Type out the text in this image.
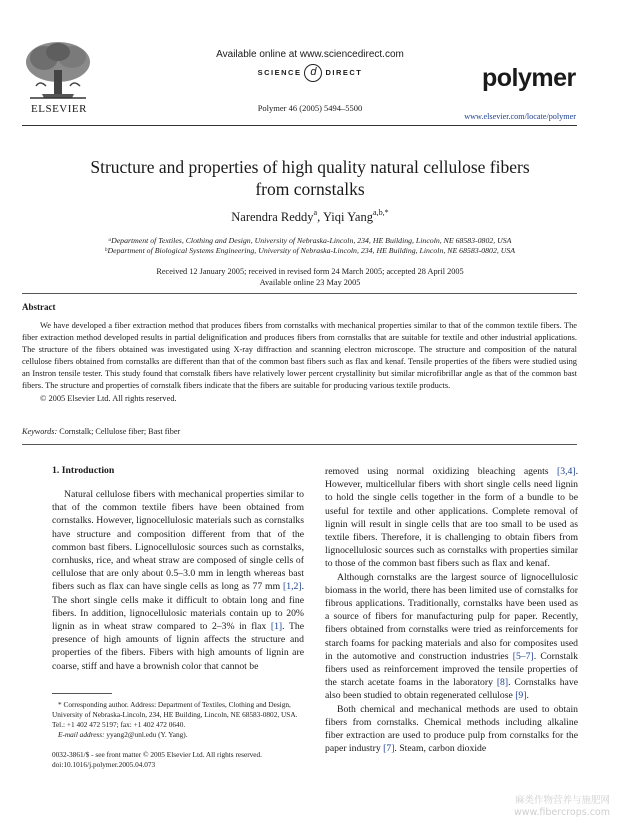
ELSEVIER
Available online at www.sciencedirect.com
SCIENCE d DIRECT
Polymer 46 (2005) 5494–5500
polymer
www.elsevier.com/locate/polymer
Structure and properties of high quality natural cellulose fibers
from cornstalks
Narendra Reddy$^a$, Yiqi Yang$^{a,b,*}$
$^a$Department of Textiles, Clothing and Design, University of Nebraska-Lincoln, 234, HE Building, Lincoln, NE 68583-0802, USA
$^b$Department of Biological Systems Engineering, University of Nebraska-Lincoln, 234, HE Building, Lincoln, NE 68583-0802, USA
Received 12 January 2005; received in revised form 24 March 2005; accepted 28 April 2005
Available online 23 May 2005
Abstract

We have developed a fiber extraction method that produces fibers from cornstalks with mechanical properties similar to that of the common textile fibers. The fiber extraction method developed results in partial delignification and produces fibers from cornstalks that are suitable for textile and other industrial applications. The structure of the fibers obtained was investigated using X-ray diffraction and scanning electron microscope. The structure and composition of the natural cellulose fibers obtained from cornstalks are different than that of the common bast fibers such as flax and kenaf. Tensile properties of the fibers were studied using an Instron tensile tester. This study found that cornstalk fibers have relatively lower percent crystallinity but similar microfibrillar angle as that of the common bast fibers. The structure and properties of cornstalk fibers indicate that the fibers are suitable for producing various textile products.

© 2005 Elsevier Ltd. All rights reserved.

Keywords: Cornstalk; Cellulose fiber; Bast fiber
1. Introduction

Natural cellulose fibers with mechanical properties similar to that of the common textile fibers have been obtained from cornstalks. However, lignocellulosic materials such as cornstalks have structure and composition different from that of the common bast fibers. Lignocellulosic sources such as cornstalks, cornhusks, rice, and wheat straw are composed of single cells of cellulose that are only about 0.5–3.0 mm in length whereas bast fibers such as flax can have single cells as long as 77 mm [1,2]. The short single cells make it difficult to obtain long and fine fibers. In addition, lignocellulosic materials contain up to 20% lignin as in wheat straw compared to 2–3% in flax [1]. The presence of high amounts of lignin affects the structure and properties of the fibers. Fibers with high amounts of lignin are coarse, stiff and have a brownish color that cannot be

removed using normal oxidizing bleaching agents [3,4]. However, multicellular fibers with short single cells need lignin to hold the single cells together in the form of a bundle to be useful for textile and other applications. Complete removal of lignin will result in single cells that are too small to be used as textile fibers. Therefore, it is challenging to obtain fibers from lignocellulosic sources such as cornstalks with properties similar to those of the common bast fibers such as flax and kenaf.

Although cornstalks are the largest source of lignocellulosic biomass in the world, there has been limited use of cornstalks for fibrous applications. Traditionally, cornstalks have been used as a source of fibers for manufacturing pulp for paper. Recently, fibers obtained from cornstalks were tried as reinforcements for starch foams for packing materials and also for composites used in the automotive and construction industries [5–7]. Cornstalk fibers used as reinforcement improved the tensile properties of the starch acetate foams in the laboratory [8]. Cornstalks have also been studied to obtain regenerated cellulose [9].

Both chemical and mechanical methods are used to obtain fibers from cornstalks. Chemical methods including alkaline fiber extraction are used to produce pulp from cornstalks for the paper industry [7]. Steam, carbon dioxide

* Corresponding author. Address: Department of Textiles, Clothing and Design, University of Nebraska-Lincoln, 234, HE Building, Lincoln, NE 68583-0802, USA. Tel.: +1 402 472 5197; fax: +1 402 472 0640.

E-mail address: yyang2@unl.edu (Y. Yang).

0032-3861/$ - see front matter © 2005 Elsevier Ltd. All rights reserved.
doi:10.1016/j.polymer.2005.04.073
麻类作物营养与施肥网
www.fibercrops.com
